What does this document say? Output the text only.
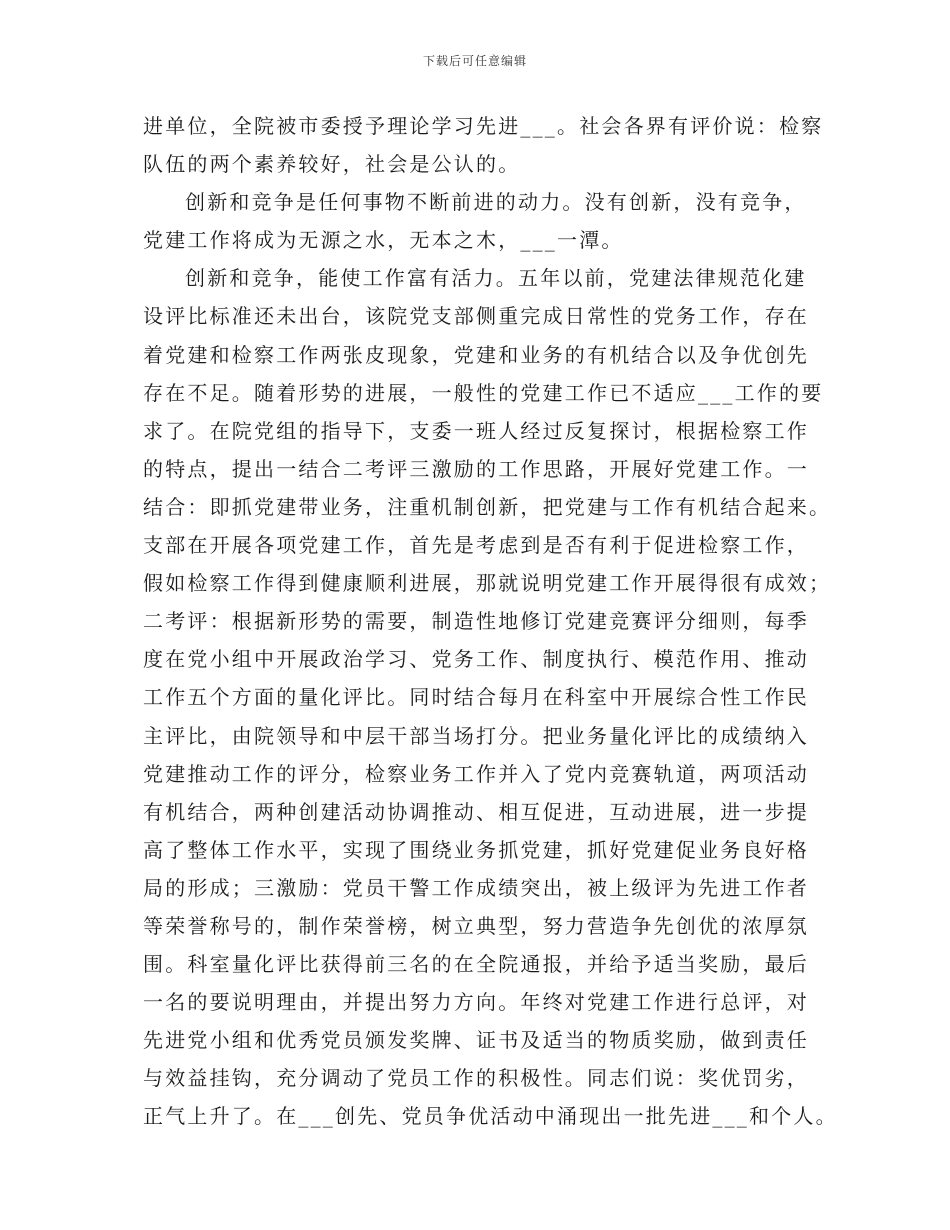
下载后可任意编辑
进单位，全院被市委授予理论学习先进___。社会各界有评价说：检察
队伍的两个素养较好，社会是公认的。
创新和竞争是任何事物不断前进的动力。没有创新，没有竞争，
党建工作将成为无源之水，无本之木，___一潭。
创新和竞争，能使工作富有活力。五年以前，党建法律规范化建
设评比标准还未出台，该院党支部侧重完成日常性的党务工作，存在
着党建和检察工作两张皮现象，党建和业务的有机结合以及争优创先
存在不足。随着形势的进展，一般性的党建工作已不适应___工作的要
求了。在院党组的指导下，支委一班人经过反复探讨，根据检察工作
的特点，提出一结合二考评三激励的工作思路，开展好党建工作。一
结合：即抓党建带业务，注重机制创新，把党建与工作有机结合起来。
支部在开展各项党建工作，首先是考虑到是否有利于促进检察工作，
假如检察工作得到健康顺利进展，那就说明党建工作开展得很有成效；
二考评：根据新形势的需要，制造性地修订党建竞赛评分细则，每季
度在党小组中开展政治学习、党务工作、制度执行、模范作用、推动
工作五个方面的量化评比。同时结合每月在科室中开展综合性工作民
主评比，由院领导和中层干部当场打分。把业务量化评比的成绩纳入
党建推动工作的评分，检察业务工作并入了党内竞赛轨道，两项活动
有机结合，两种创建活动协调推动、相互促进，互动进展，进一步提
高了整体工作水平，实现了围绕业务抓党建，抓好党建促业务良好格
局的形成；三激励：党员干警工作成绩突出，被上级评为先进工作者
等荣誉称号的，制作荣誉榜，树立典型，努力营造争先创优的浓厚氛
围。科室量化评比获得前三名的在全院通报，并给予适当奖励，最后
一名的要说明理由，并提出努力方向。年终对党建工作进行总评，对
先进党小组和优秀党员颁发奖牌、证书及适当的物质奖励，做到责任
与效益挂钩，充分调动了党员工作的积极性。同志们说：奖优罚劣，
正气上升了。在___创先、党员争优活动中涌现出一批先进___和个人。
